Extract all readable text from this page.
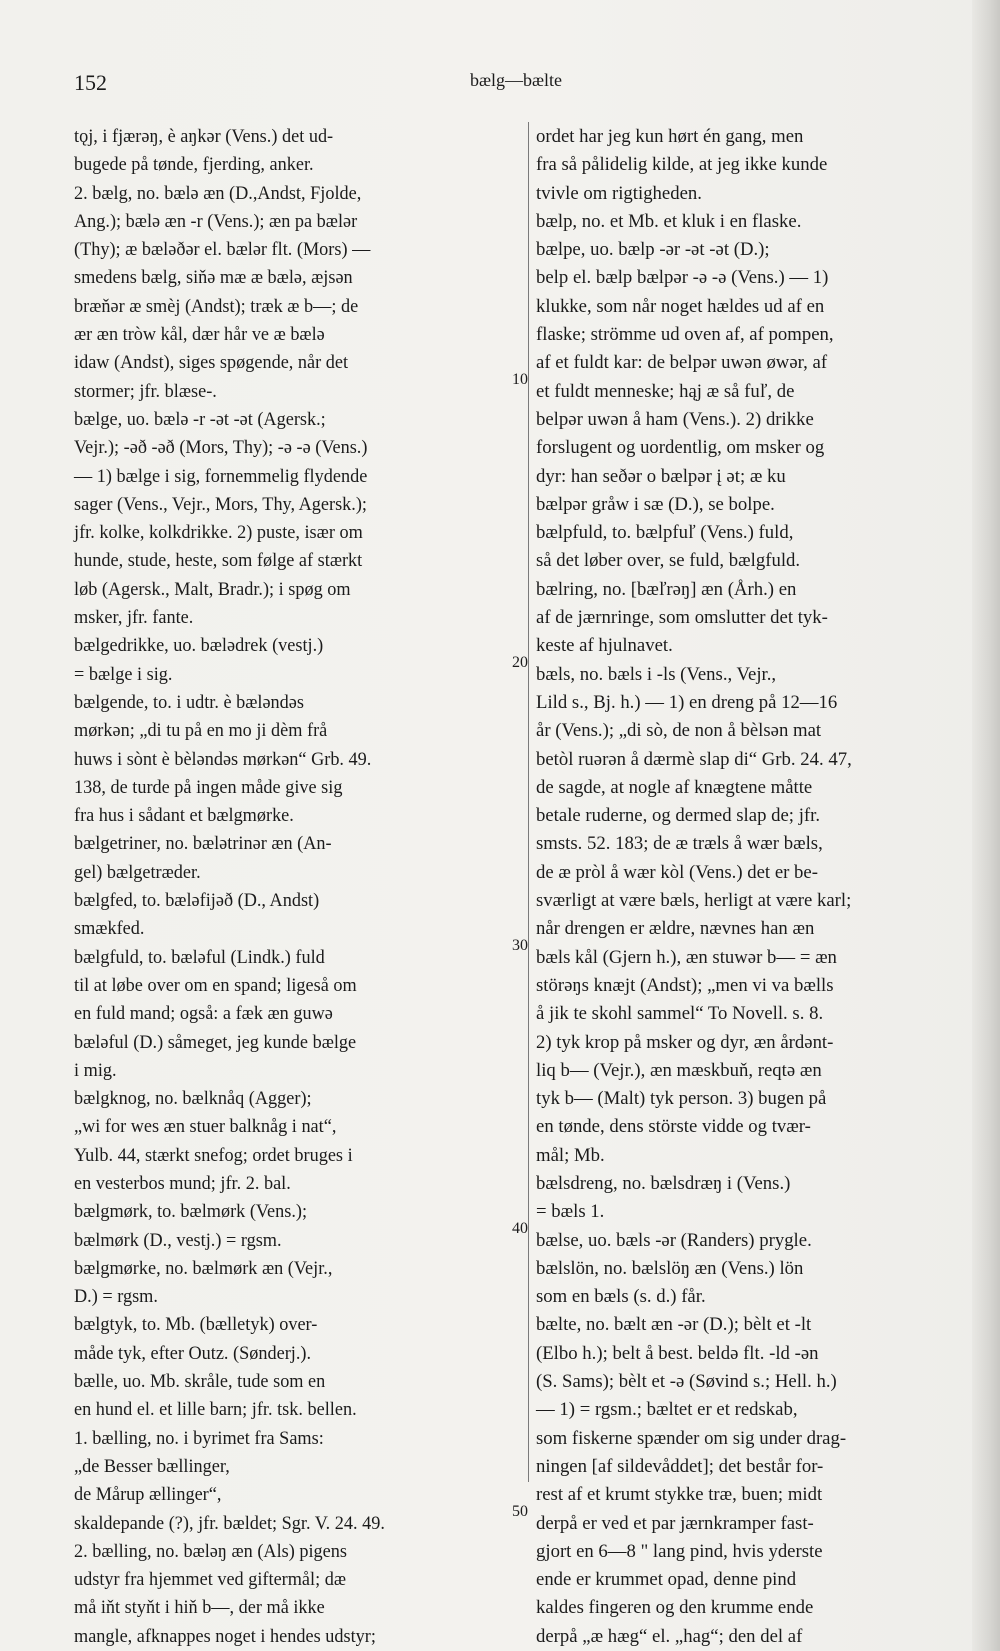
152	bælg—bælte
tǫj, i fjærəŋ, è aŋkər (Vens.) det ud-
bugede på tønde, fjerding, anker.
2. bælg, no. bælə æn (D.,Andst, Fjolde,
Ang.); bælə æn -r (Vens.); æn pa bælər
(Thy); æ bæləðər el. bælər flt. (Mors) —
smedens bælg, siňə mæ æ bælə, æjsən
bræňər æ smèj (Andst); træk æ b—; de
ær æn tròw kål, dær hår ve æ bælə
idaw (Andst), siges spøgende, når det
stormer; jfr. blæse-.
bælge, uo. bælə -r -ət -ət (Agersk.;
Vejr.); -əð -əð (Mors, Thy); -ə -ə (Vens.)
— 1) bælge i sig, fornemmelig flydende
sager (Vens., Vejr., Mors, Thy, Agersk.);
jfr. kolke, kolkdrikke. 2) puste, især om
hunde, stude, heste, som følge af stærkt
løb (Agersk., Malt, Bradr.); i spøg om
msker, jfr. fante.
bælgedrikke, uo. bælədrek (vestj.)
= bælge i sig.
bælgende, to. i udtr. è bæləndəs
mørkən; „di tu på en mo ji dèm frå
huws i sònt è bèləndəs mørkən“ Grb. 49.
138, de turde på ingen måde give sig
fra hus i sådant et bælgmørke.
bælgetriner, no. bælətrinər æn (An-
gel) bælgetræder.
bælgfed, to. bæləfijəð (D., Andst)
smækfed.
bælgfuld, to. bæləful (Lindk.) fuld
til at løbe over om en spand; ligeså om
en fuld mand; også: a fæk æn guwə
bæləful (D.) såmeget, jeg kunde bælge
i mig.
bælgknog, no. bælknåq (Agger);
„wi for wes æn stuer balknåg i nat“,
Yulb. 44, stærkt snefog; ordet bruges i
en vesterbos mund; jfr. 2. bal.
bælgmørk, to. bælmørk (Vens.);
bælmørk (D., vestj.) = rgsm.
bælgmørke, no. bælmørk æn (Vejr.,
D.) = rgsm.
bælgtyk, to. Mb. (bælletyk) over-
måde tyk, efter Outz. (Sønderj.).
bælle, uo. Mb. skråle, tude som en
en hund el. et lille barn; jfr. tsk. bellen.
1. bælling, no. i byrimet fra Sams:
„de Besser bællinger,
de Mårup ællinger“,
skaldepande (?), jfr. bældet; Sgr. V. 24. 49.
2. bælling, no. bæləŋ æn (Als) pigens
udstyr fra hjemmet ved giftermål; dæ
må iňt styňt i hiň b—, der må ikke
mangle, afknappes noget i hendes udstyr;
ordet har jeg kun hørt én gang, men
fra så pålidelig kilde, at jeg ikke kunde
tvivle om rigtigheden.
bælp, no. et Mb. et kluk i en flaske.
bælpe, uo. bælp -ər -ət -ət (D.);
belp el. bælp bælpər -ə -ə (Vens.) — 1)
klukke, som når noget hældes ud af en
flaske; strömme ud oven af, af pompen,
af et fuldt kar: de belpər uwən øwər, af
et fuldt menneske; hąj æ så fuľ, de
belpər uwən å ham (Vens.). 2) drikke
forslugent og uordentlig, om msker og
dyr: han seðər o bælpər į ət; æ ku
bælpər gråw i sæ (D.), se bolpe.
bælpfuld, to. bælpfuľ (Vens.) fuld,
så det løber over, se fuld, bælgfuld.
bælring, no. [bæľrəŋ] æn (Årh.) en
af de jærnringe, som omslutter det tyk-
keste af hjulnavet.
bæls, no. bæls i -ls (Vens., Vejr.,
Lild s., Bj. h.) — 1) en dreng på 12—16
år (Vens.); „di sò, de non å bèlsən mat
betòl ruərən å dærmè slap di“ Grb. 24. 47,
de sagde, at nogle af knægtene måtte
betale ruderne, og dermed slap de; jfr.
smsts. 52. 183; de æ træls å wær bæls,
de æ pròl å wær kòl (Vens.) det er be-
sværligt at være bæls, herligt at være karl;
når drengen er ældre, nævnes han æn
bæls kål (Gjern h.), æn stuwər b— = æn
störəŋs knæjt (Andst); „men vi va bælls
å jik te skohl sammel“ To Novell. s. 8.
2) tyk krop på msker og dyr, æn årdənt-
liq b— (Vejr.), æn mæskbuň, reqtə æn
tyk b— (Malt) tyk person. 3) bugen på
en tønde, dens störste vidde og tvær-
mål; Mb.
bælsdreng, no. bælsdræŋ i (Vens.)
= bæls 1.
bælse, uo. bæls -ər (Randers) prygle.
bælslön, no. bælslöŋ æn (Vens.) lön
som en bæls (s. d.) får.
bælte, no. bælt æn -ər (D.); bèlt et -lt
(Elbo h.); belt å best. beldə flt. -ld -ən
(S. Sams); bèlt et -ə (Søvind s.; Hell. h.)
— 1) = rgsm.; bæltet er et redskab,
som fiskerne spænder om sig under drag-
ningen [af sildevåddet]; det består for-
rest af et krumt stykke træ, buen; midt
derpå er ved et par jærnkramper fast-
gjort en 6—8 " lang pind, hvis yderste
ende er krummet opad, denne pind
kaldes fingeren og den krumme ende
derpå „æ hæg“ el. „hag“; den del af
10
20
30
40
50
